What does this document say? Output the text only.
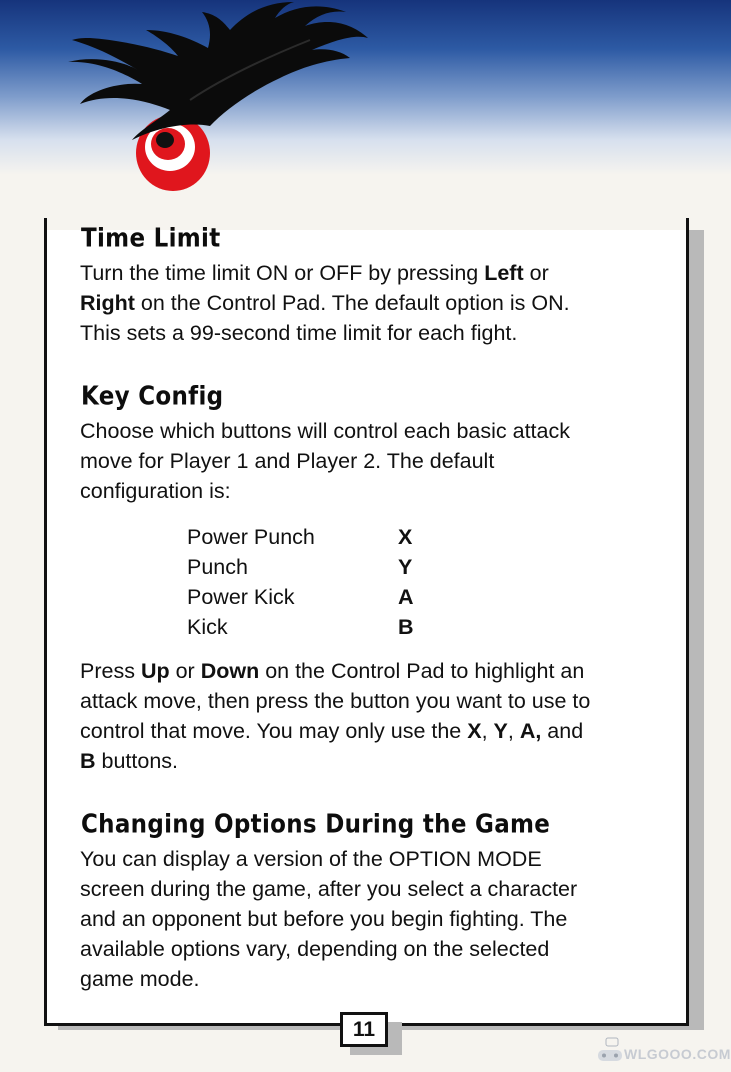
Time Limit

Turn the time limit ON or OFF by pressing Left or
Right on the Control Pad. The default option is ON.
This sets a 99-second time limit for each fight.

Key Config

Choose which buttons will control each basic attack
move for Player 1 and Player 2. The default
configuration is:

Power Punch	X
Punch	Y
Power Kick	A
Kick	B

Press Up or Down on the Control Pad to highlight an
attack move, then press the button you want to use to
control that move. You may only use the X, Y, A, and
B buttons.

Changing Options During the Game

You can display a version of the OPTION MODE
screen during the game, after you select a character
and an opponent but before you begin fighting. The
available options vary, depending on the selected
game mode.

11
WLGOOO.COM
